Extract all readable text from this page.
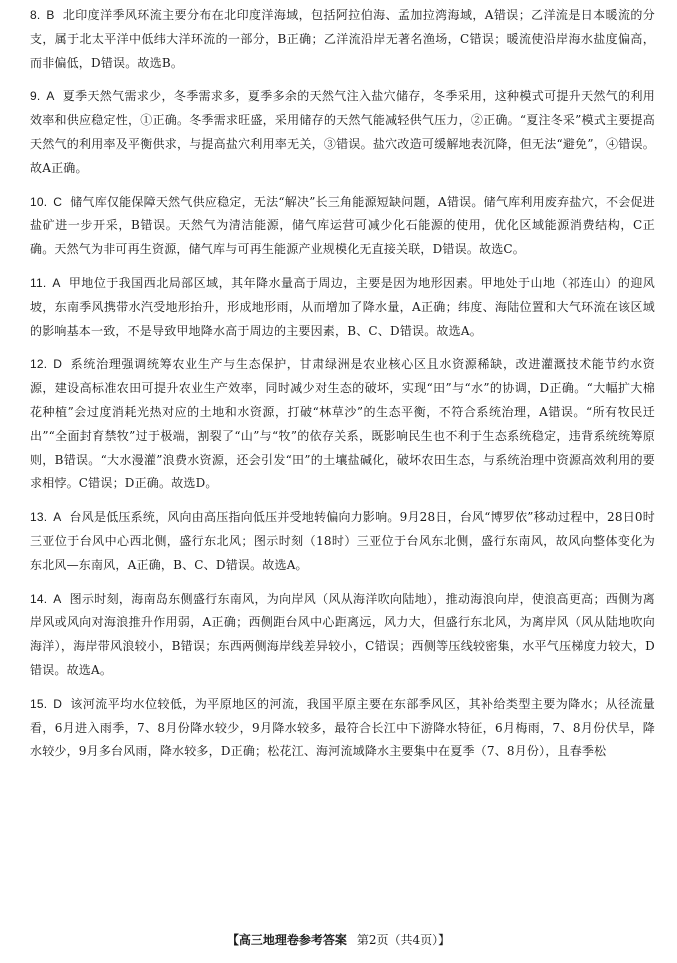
8. B 北印度洋季风环流主要分布在北印度洋海域，包括阿拉伯海、孟加拉湾海域，A错误；乙洋流是日本暖流的分支，属于北太平洋中低纬大洋环流的一部分，B正确；乙洋流沿岸无著名渔场，C错误；暖流使沿岸海水盐度偏高，而非偏低，D错误。故选B。

9. A 夏季天然气需求少，冬季需求多，夏季多余的天然气注入盐穴储存，冬季采用，这种模式可提升天然气的利用效率和供应稳定性，①正确。冬季需求旺盛，采用储存的天然气能减轻供气压力，②正确。“夏注冬采”模式主要提高天然气的利用率及平衡供求，与提高盐穴利用率无关，③错误。盐穴改造可缓解地表沉降，但无法“避免”，④错误。故A正确。

10. C 储气库仅能保障天然气供应稳定，无法“解决”长三角能源短缺问题，A错误。储气库利用废弃盐穴，不会促进盐矿进一步开采，B错误。天然气为清洁能源，储气库运营可减少化石能源的使用，优化区域能源消费结构，C正确。天然气为非可再生资源，储气库与可再生能源产业规模化无直接关联，D错误。故选C。

11. A 甲地位于我国西北局部区域，其年降水量高于周边，主要是因为地形因素。甲地处于山地（祁连山）的迎风坡，东南季风携带水汽受地形抬升，形成地形雨，从而增加了降水量，A正确；纬度、海陆位置和大气环流在该区域的影响基本一致，不是导致甲地降水高于周边的主要因素，B、C、D错误。故选A。

12. D 系统治理强调统筹农业生产与生态保护，甘肃绿洲是农业核心区且水资源稀缺，改进灌溉技术能节约水资源，建设高标准农田可提升农业生产效率，同时减少对生态的破坏，实现“田”与“水”的协调，D正确。“大幅扩大棉花种植”会过度消耗光热对应的土地和水资源，打破“林草沙”的生态平衡，不符合系统治理，A错误。“所有牧民迁出”“全面封育禁牧”过于极端，割裂了“山”与“牧”的依存关系，既影响民生也不利于生态系统稳定，违背系统统筹原则，B错误。“大水漫灌”浪费水资源，还会引发“田”的土壤盐碱化，破坏农田生态，与系统治理中资源高效利用的要求相悖。C错误；D正确。故选D。

13. A 台风是低压系统，风向由高压指向低压并受地转偏向力影响。9月28日，台风“博罗依”移动过程中，28日0时三亚位于台风中心西北侧，盛行东北风；图示时刻（18时）三亚位于台风东北侧，盛行东南风，故风向整体变化为东北风—东南风，A正确，B、C、D错误。故选A。

14. A 图示时刻，海南岛东侧盛行东南风，为向岸风（风从海洋吹向陆地），推动海浪向岸，使浪高更高；西侧为离岸风或风向对海浪推升作用弱，A正确；西侧距台风中心距离远，风力大，但盛行东北风，为离岸风（风从陆地吹向海洋），海岸带风浪较小，B错误；东西两侧海岸线差异较小，C错误；西侧等压线较密集，水平气压梯度力较大，D错误。故选A。

15. D 该河流平均水位较低，为平原地区的河流，我国平原主要在东部季风区，其补给类型主要为降水；从径流量看，6月进入雨季，7、8月份降水较少，9月降水较多，最符合长江中下游降水特征，6月梅雨，7、8月份伏旱，降水较少，9月多台风雨，降水较多，D正确；松花江、海河流域降水主要集中在夏季（7、8月份），且春季松

【高三地理卷参考答案 第2页（共4页）】
